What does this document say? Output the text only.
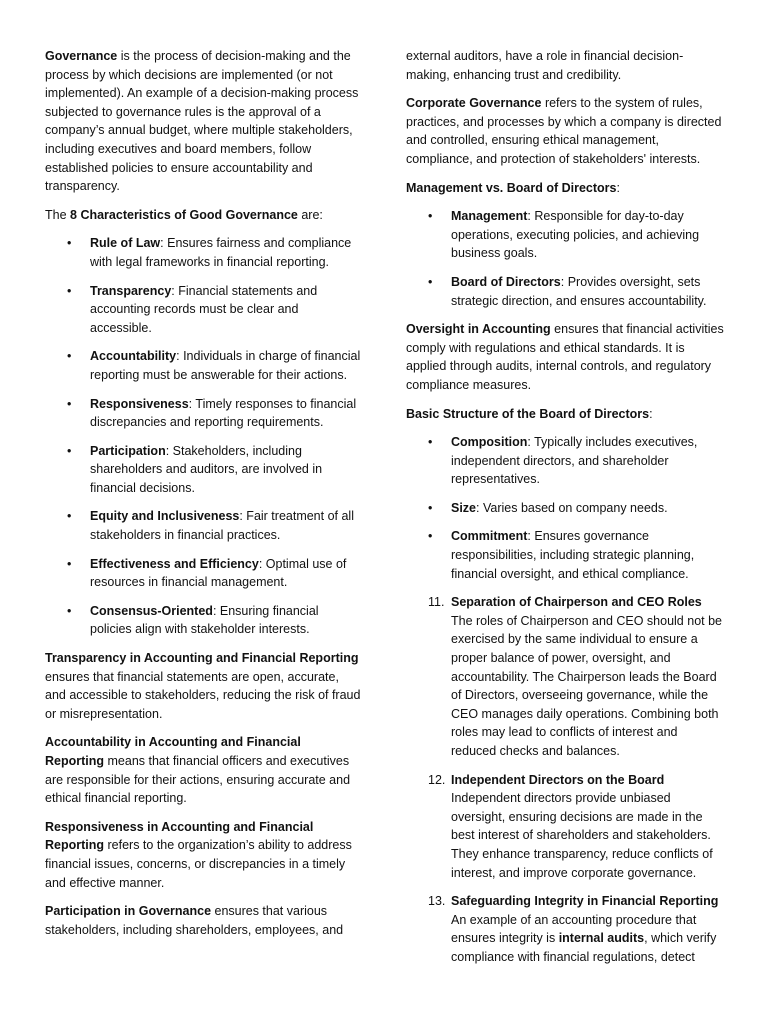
Governance is the process of decision-making and the process by which decisions are implemented (or not implemented). An example of a decision-making process subjected to governance rules is the approval of a company’s annual budget, where multiple stakeholders, including executives and board members, follow established policies to ensure accountability and transparency.

The 8 Characteristics of Good Governance are:

• Rule of Law: Ensures fairness and compliance with legal frameworks in financial reporting.
• Transparency: Financial statements and accounting records must be clear and accessible.
• Accountability: Individuals in charge of financial reporting must be answerable for their actions.
• Responsiveness: Timely responses to financial discrepancies and reporting requirements.
• Participation: Stakeholders, including shareholders and auditors, are involved in financial decisions.
• Equity and Inclusiveness: Fair treatment of all stakeholders in financial practices.
• Effectiveness and Efficiency: Optimal use of resources in financial management.
• Consensus-Oriented: Ensuring financial policies align with stakeholder interests.

Transparency in Accounting and Financial Reporting ensures that financial statements are open, accurate, and accessible to stakeholders, reducing the risk of fraud or misrepresentation.

Accountability in Accounting and Financial Reporting means that financial officers and executives are responsible for their actions, ensuring accurate and ethical financial reporting.

Responsiveness in Accounting and Financial Reporting refers to the organization’s ability to address financial issues, concerns, or discrepancies in a timely and effective manner.

Participation in Governance ensures that various stakeholders, including shareholders, employees, and

external auditors, have a role in financial decision-making, enhancing trust and credibility.

Corporate Governance refers to the system of rules, practices, and processes by which a company is directed and controlled, ensuring ethical management, compliance, and protection of stakeholders' interests.

Management vs. Board of Directors:

• Management: Responsible for day-to-day operations, executing policies, and achieving business goals.
• Board of Directors: Provides oversight, sets strategic direction, and ensures accountability.

Oversight in Accounting ensures that financial activities comply with regulations and ethical standards. It is applied through audits, internal controls, and regulatory compliance measures.

Basic Structure of the Board of Directors:

• Composition: Typically includes executives, independent directors, and shareholder representatives.
• Size: Varies based on company needs.
• Commitment: Ensures governance responsibilities, including strategic planning, financial oversight, and ethical compliance.
11. Separation of Chairperson and CEO Roles
The roles of Chairperson and CEO should not be exercised by the same individual to ensure a proper balance of power, oversight, and accountability. The Chairperson leads the Board of Directors, overseeing governance, while the CEO manages daily operations. Combining both roles may lead to conflicts of interest and reduced checks and balances.
12. Independent Directors on the Board
Independent directors provide unbiased oversight, ensuring decisions are made in the best interest of shareholders and stakeholders. They enhance transparency, reduce conflicts of interest, and improve corporate governance.
13. Safeguarding Integrity in Financial Reporting
An example of an accounting procedure that ensures integrity is internal audits, which verify compliance with financial regulations, detect
